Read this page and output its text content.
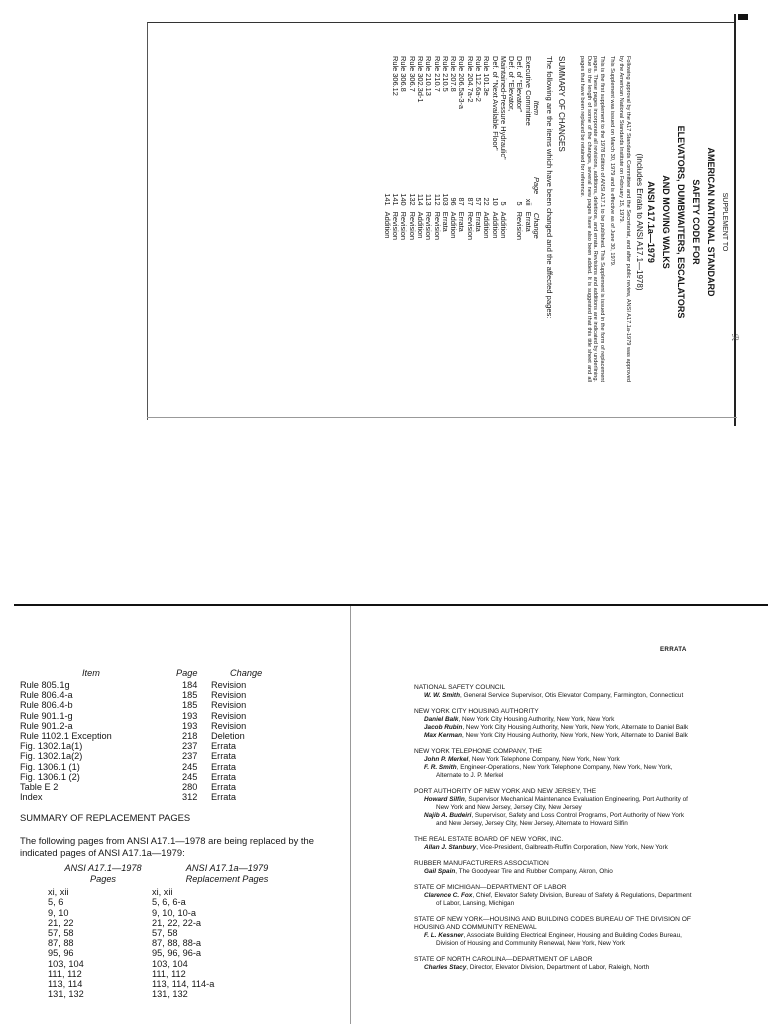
SUPPLEMENT TO
AMERICAN NATIONAL STANDARD
SAFETY CODE FOR
ELEVATORS, DUMBWAITERS, ESCALATORS
AND MOVING WALKS
ANSI A17.1a—1979
(Includes Errata to ANSI A17.1—1978)

Following approval by the A17 Standards Committee and the Secretariat, and after public review, ANSI A17.1a-1979 was approved by the American National Standards Institute on February 15, 1979.

This Supplement was issued on March 30, 1979 and is effective as of June 30, 1979.

This is the first supplement to the 1978 Edition of ANSI A17.1 to be published. This Supplement is issued in the form of replacement pages. These pages incorporate all revisions, additions, deletions, and errata. Revisions and additions are indicated by underlining. Due to the length of some of the changes, several new pages have also been added. It is suggested that this title sheet and all pages that have been replaced be retained for reference.

SUMMARY OF CHANGES
The following are the items which have been changed and the affected pages:
Item	Page	Change
Executive Committee	xii	Errata
Def. of "Elevator"	5	Revision
Def. of "Elevator,		
Maintained-Pressure Hydraulic"	5	Addition
Def. of "Next Available Floor"	10	Addition
Rule 101.3e	22	Addition
Rule 112.6a-2	57	Errata
Rule 204.7a-2	87	Revision
Rule 206.5a-3-a	87	Errata
Rule 207.8	96	Addition
Rule 210.5	103	Errata
Rule 210.7	112	Revision
Rule 210.13	113	Revision
Rule 302.3d-1	114	Addition
Rule 306.7	132	Revision
Rule 306.8	140	Revision
Rule 306.12	141	Revision
	141	Addition
ℛ
Item	Page	Change
Rule 805.1g	184 Revision
Rule 806.4-a	185 Revision
Rule 806.4-b	185 Revision
Rule 901.1-g	193 Revision
Rule 901.2-a	193 Revision
Rule 1102.1 Exception	218 Deletion
Fig. 1302.1a(1)	237 Errata
Fig. 1302.1a(2)	237 Errata
Fig. 1306.1 (1)	245 Errata
Fig. 1306.1 (2)	245 Errata
Table E 2	280 Errata
Index	312 Errata
SUMMARY OF REPLACEMENT PAGES
The following pages from ANSI A17.1—1978 are being replaced by the indicated pages of ANSI A17.1a—1979:
ANSI A17.1—1978
Pages
ANSI A17.1a—1979
Replacement Pages
xi, xii	xi, xii
5, 6	5, 6, 6-a
9, 10	9, 10, 10-a
21, 22	21, 22, 22-a
57, 58	57, 58
87, 88	87, 88, 88-a
95, 96	95, 96, 96-a
103, 104	103, 104
111, 112	111, 112
113, 114	113, 114, 114-a
131, 132	131, 132
ERRATA
NATIONAL SAFETY COUNCIL
W. W. Smith, General Service Supervisor, Otis Elevator Company, Farmington, Connecticut
NEW YORK CITY HOUSING AUTHORITY
Daniel Balk, New York City Housing Authority, New York, New York
Jacob Rubin, New York City Housing Authority, New York, New York, Alternate to Daniel Balk
Max Kerman, New York City Housing Authority, New York, New York, Alternate to Daniel Balk
NEW YORK TELEPHONE COMPANY, THE
John P. Merkel, New York Telephone Company, New York, New York
F. R. Smith, Engineer-Operations, New York Telephone Company, New York, New York, Alternate to J. P. Merkel
PORT AUTHORITY OF NEW YORK AND NEW JERSEY, THE
Howard Silfin, Supervisor Mechanical Maintenance Evaluation Engineering, Port Authority of New York and New Jersey, Jersey City, New Jersey
Najib A. Budeiri, Supervisor, Safety and Loss Control Programs, Port Authority of New York and New Jersey, Jersey City, New Jersey, Alternate to Howard Silfin
THE REAL ESTATE BOARD OF NEW YORK, INC.
Allan J. Stanbury, Vice-President, Galbreath-Ruffin Corporation, New York, New York
RUBBER MANUFACTURERS ASSOCIATION
Gail Spain, The Goodyear Tire and Rubber Company, Akron, Ohio
STATE OF MICHIGAN—DEPARTMENT OF LABOR
Clarence C. Fox, Chief, Elevator Safety Division, Bureau of Safety & Regulations, Department of Labor, Lansing, Michigan
STATE OF NEW YORK—HOUSING AND BUILDING CODES BUREAU OF THE DIVISION OF HOUSING AND COMMUNITY RENEWAL
F. L. Kessner, Associate Building Electrical Engineer, Housing and Building Codes Bureau, Division of Housing and Community Renewal, New York, New York
STATE OF NORTH CAROLINA—DEPARTMENT OF LABOR
Charles Stacy, Director, Elevator Division, Department of Labor, Raleigh, North
